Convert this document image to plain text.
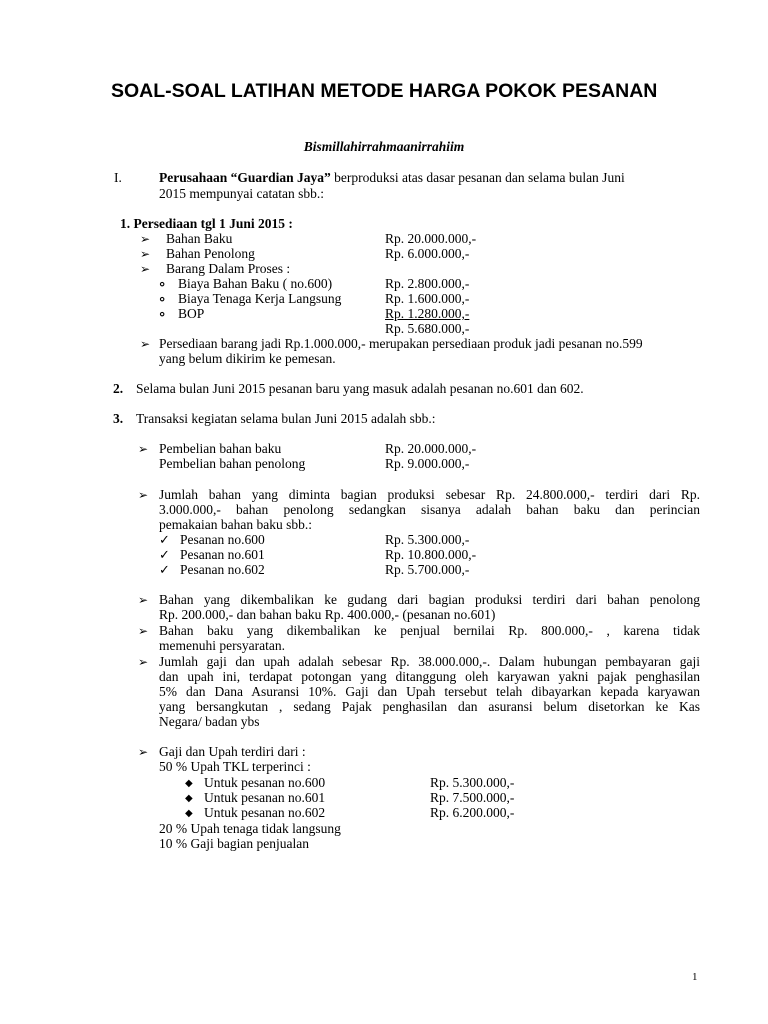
SOAL-SOAL LATIHAN METODE HARGA POKOK PESANAN
Bismillahirrahmaanirrahiim
I.	Perusahaan “Guardian Jaya” berproduksi atas dasar pesanan dan selama bulan Juni
2015 mempunyai catatan sbb.:
1. Persediaan tgl 1 Juni 2015 :
➢ Bahan Baku	Rp. 20.000.000,-
➢ Bahan Penolong	Rp. 6.000.000,-
➢ Barang Dalam Proses :
⸰ Biaya Bahan Baku ( no.600)	Rp. 2.800.000,-
⸰ Biaya Tenaga Kerja Langsung	Rp. 1.600.000,-
⸰ BOP	Rp. 1.280.000,-
Rp. 5.680.000,-
➢ Persediaan barang jadi Rp.1.000.000,- merupakan persediaan produk jadi pesanan no.599
yang belum dikirim ke pemesan.
2. Selama bulan Juni 2015 pesanan baru yang masuk adalah pesanan no.601 dan 602.
3. Transaksi kegiatan selama bulan Juni 2015 adalah sbb.:
➢ Pembelian bahan baku	Rp. 20.000.000,-
Pembelian bahan penolong	Rp. 9.000.000,-
➢ Jumlah bahan yang diminta bagian produksi sebesar Rp. 24.800.000,- terdiri dari Rp.
3.000.000,- bahan penolong sedangkan sisanya adalah bahan baku dan perincian
pemakaian bahan baku sbb.:
✓ Pesanan no.600	Rp. 5.300.000,-
✓ Pesanan no.601	Rp. 10.800.000,-
✓ Pesanan no.602	Rp. 5.700.000,-
➢ Bahan yang dikembalikan ke gudang dari bagian produksi terdiri dari bahan penolong
Rp. 200.000,- dan bahan baku Rp. 400.000,- (pesanan no.601)
➢ Bahan baku yang dikembalikan ke penjual bernilai Rp. 800.000,- , karena tidak
memenuhi persyaratan.
➢ Jumlah gaji dan upah adalah sebesar Rp. 38.000.000,-. Dalam hubungan pembayaran gaji
dan upah ini, terdapat potongan yang ditanggung oleh karyawan yakni pajak penghasilan
5% dan Dana Asuransi 10%. Gaji dan Upah tersebut telah dibayarkan kepada karyawan
yang bersangkutan , sedang Pajak penghasilan dan asuransi belum disetorkan ke Kas
Negara/ badan ybs
➢ Gaji dan Upah terdiri dari :
50 % Upah TKL terperinci :
◆ Untuk pesanan no.600	Rp. 5.300.000,-
◆ Untuk pesanan no.601	Rp. 7.500.000,-
◆ Untuk pesanan no.602	Rp. 6.200.000,-
20 % Upah tenaga tidak langsung
10 % Gaji bagian penjualan
1
